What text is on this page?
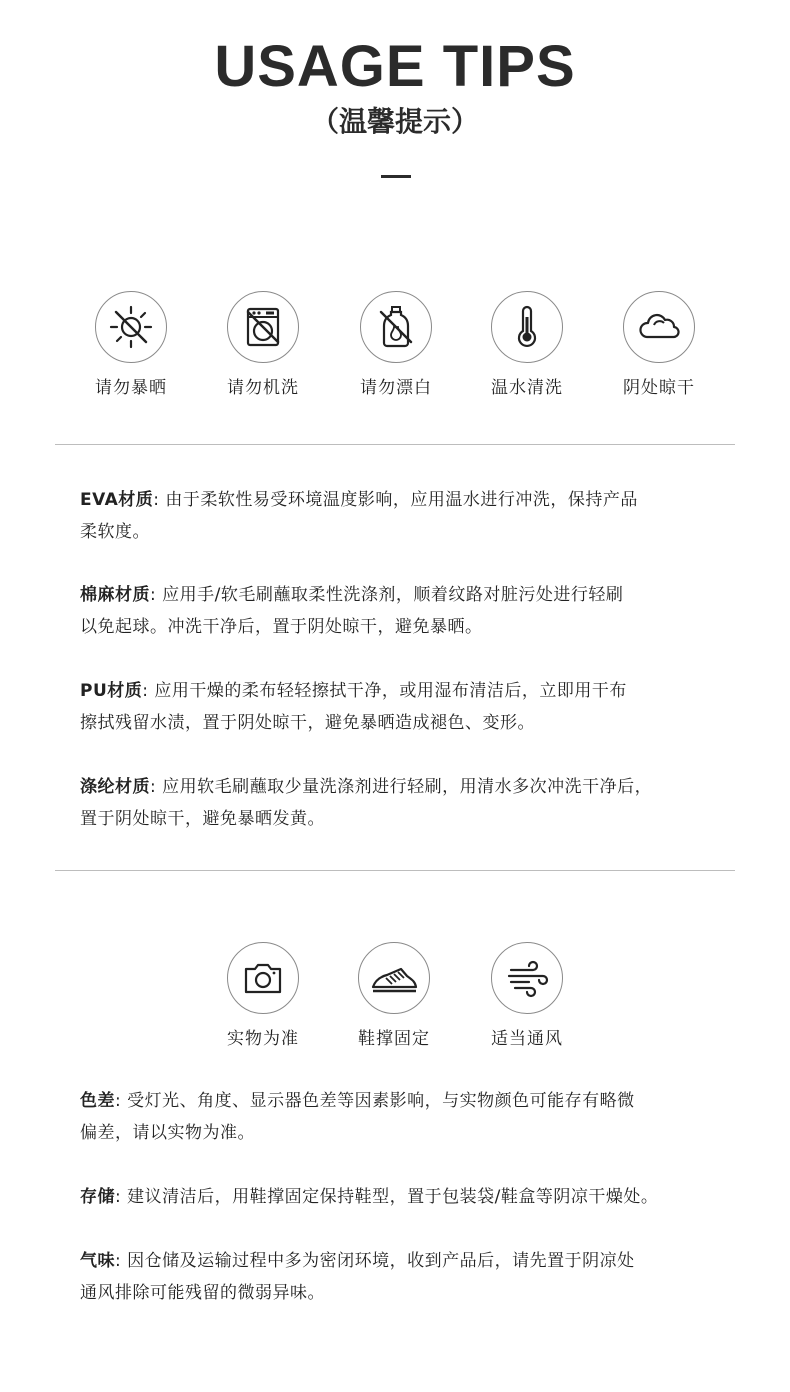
USAGE TIPS
（温馨提示）
请勿暴晒	请勿机洗	请勿漂白	温水清洗	阴处晾干
EVA材质: 由于柔软性易受环境温度影响，应用温水进行冲洗，保持产品
柔软度。
棉麻材质: 应用手/软毛刷蘸取柔性洗涤剂，顺着纹路对脏污处进行轻刷
以免起球。冲洗干净后，置于阴处晾干，避免暴晒。
PU材质: 应用干燥的柔布轻轻擦拭干净，或用湿布清洁后，立即用干布
擦拭残留水渍，置于阴处晾干，避免暴晒造成褪色、变形。
涤纶材质: 应用软毛刷蘸取少量洗涤剂进行轻刷，用清水多次冲洗干净后，
置于阴处晾干，避免暴晒发黄。
实物为准	鞋撑固定	适当通风
色差: 受灯光、角度、显示器色差等因素影响，与实物颜色可能存有略微
偏差，请以实物为准。
存储: 建议清洁后，用鞋撑固定保持鞋型，置于包装袋/鞋盒等阴凉干燥处。
气味: 因仓储及运输过程中多为密闭环境，收到产品后，请先置于阴凉处
通风排除可能残留的微弱异味。
